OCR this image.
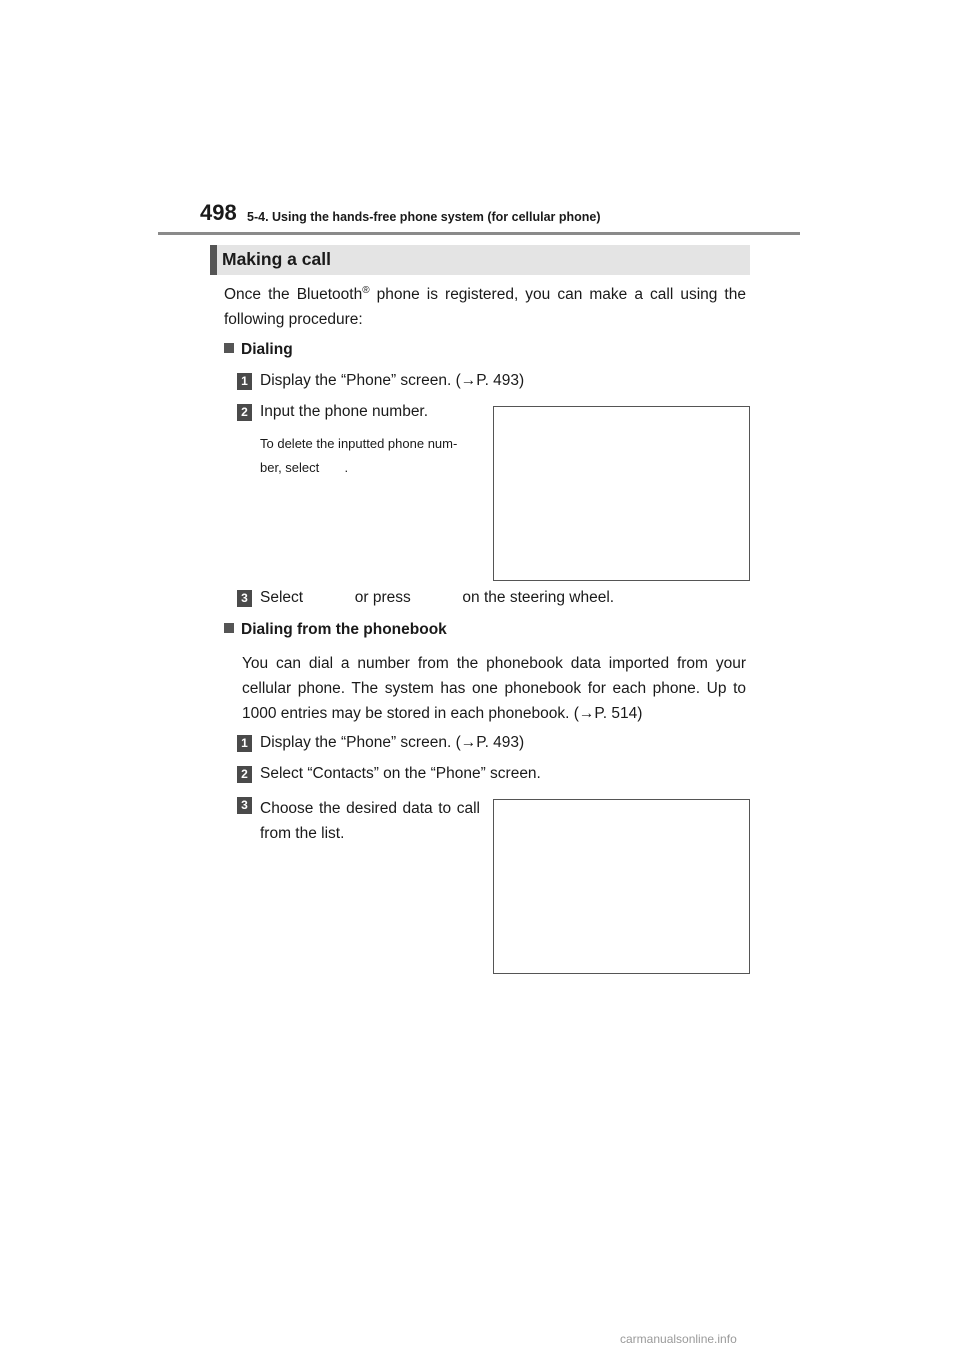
498 5-4. Using the hands-free phone system (for cellular phone)
Making a call
Once the Bluetooth® phone is registered, you can make a call using the following procedure:
Dialing
1 Display the “Phone” screen. (→P. 493)
2 Input the phone number.
To delete the inputted phone num- ber, select       .
3 Select            or press            on the steering wheel.
Dialing from the phonebook
You can dial a number from the phonebook data imported from your cellular phone. The system has one phonebook for each phone. Up to 1000 entries may be stored in each phonebook. (→P. 514)
1 Display the “Phone” screen. (→P. 493)
2 Select “Contacts” on the “Phone” screen.
3 Choose the desired data to call from the list.
carmanualsonline.info
